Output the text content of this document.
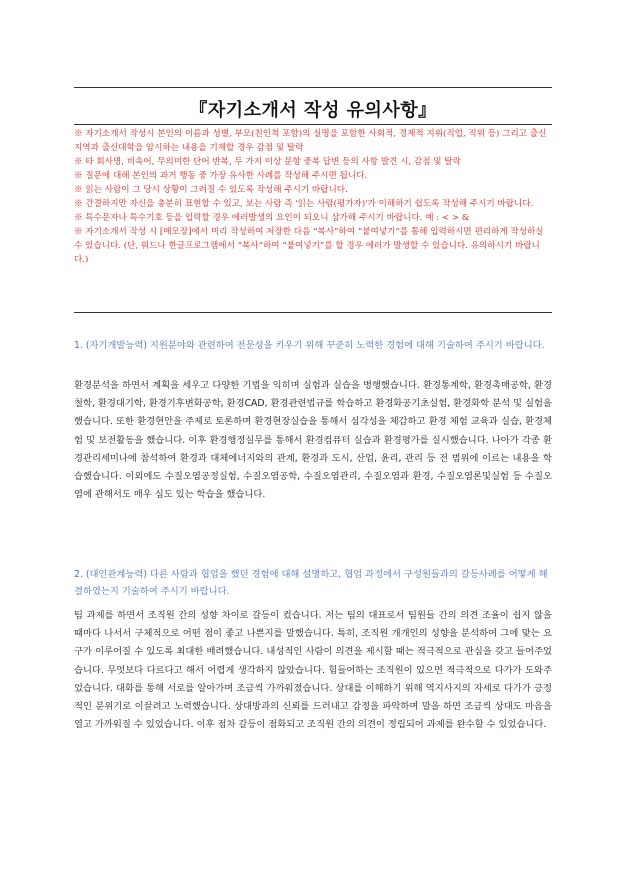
『자기소개서 작성 유의사항』

※ 자기소개서 작성시 본인의 이름과 성별, 부모(친인척 포함)의 실명을 포함한 사회적, 경제적 지위(직업, 직위 등) 그리고 출신지역과 출신대학을 암시하는 내용을 기재할 경우 감점 및 탈락

※ 타 회사명, 비속어, 무의미한 단어 반복, 두 가지 이상 문항 중복 답변 등의 사항 발견 시, 감점 및 탈락

※ 질문에 대해 본인의 과거 행동 중 가장 유사한 사례를 작성해 주시면 됩니다.

※ 읽는 사람이 그 당시 상황이 그려질 수 있도록 작성해 주시기 바랍니다.

※ 간결하지만 자신을 충분히 표현할 수 있고, 보는 사람 즉 '읽는 사람(평가자)'가 이해하기 쉽도록 작성해 주시기 바랍니다.

※ 특수문자나 특수기호 등을 입력할 경우 에러발생의 요인이 되오니 삼가해 주시기 바랍니다. 예 : < > &

※ 자기소개서 작성 시 [메모장]에서 미리 작성하여 저장한 다음 “복사”하여 “붙여넣기”를 통해 입력하시면 편리하게 작성하실 수 있습니다. (단, 워드나 한글프로그램에서 “복사”하여 “붙여넣기”를 할 경우 에러가 발생할 수 있습니다. 유의하시기 바랍니다.)

1. (자기개발능력) 지원분야와 관련하여 전문성을 키우기 위해 꾸준히 노력한 경험에 대해 기술하여 주시기 바랍니다.
환경분석을 하면서 계획을 세우고 다양한 기법을 익히며 실험과 실습을 병행했습니다. 환경통계학, 환경촉매공학, 환경철학, 환경대기학, 환경기후변화공학, 환경CAD, 환경관련법규를 학습하고 환경화공기초실험, 환경화학 분석 및 실험을 했습니다. 또한 환경현안을 주제로 토론하며 환경현장실습을 통해서 심각성을 체감하고 환경 체험 교육과 실습, 환경체험 및 보전활동을 했습니다. 이후 환경행정실무를 통해서 환경컴퓨터 실습과 환경평가를 실시했습니다. 나아가 각종 환경관리세미나에 참석하여 환경과 대체에너지와의 관계, 환경과 도시, 산업, 윤리, 관리 등 전 범위에 이르는 내용을 학습했습니다. 이외에도 수질오염공정실험, 수질오염공학, 수질오염관리, 수질오염과 환경, 수질오염론및실험 등 수질오염에 관해서도 매우 심도 있는 학습을 했습니다.
2. (대인관계능력) 다른 사람과 협업을 했던 경험에 대해 설명하고, 협업 과정에서 구성원들과의 갈등사례를 어떻게 해결하였는지 기술하여 주시기 바랍니다.
팀 과제를 하면서 조직원 간의 성향 차이로 갈등이 컸습니다. 저는 팀의 대표로서 팀원들 간의 의견 조율이 쉽지 않을 때마다 나서서 구체적으로 어떤 점이 좋고 나쁜지를 말했습니다. 특히, 조직원 개개인의 성향을 분석하여 그에 맞는 요구가 이루어질 수 있도록 최대한 배려했습니다. 내성적인 사람이 의견을 제시할 때는 적극적으로 관심을 갖고 들어주었습니다. 무엇보다 다르다고 해서 어렵게 생각하지 않았습니다. 힘들어하는 조직원이 있으면 적극적으로 다가가 도와주었습니다. 대화를 통해 서로를 알아가며 조금씩 가까워졌습니다. 상대를 이해하기 위해 역지사지의 자세로 다가가 긍정적인 분위기로 이끌려고 노력했습니다. 상대방과의 신뢰를 드러내고 감정을 파악하며 말을 하면 조금씩 상대도 마음을 열고 가까워질 수 있었습니다. 이후 점차 갈등이 점화되고 조직원 간의 의견이 정립되어 과제를 완수할 수 있었습니다.
